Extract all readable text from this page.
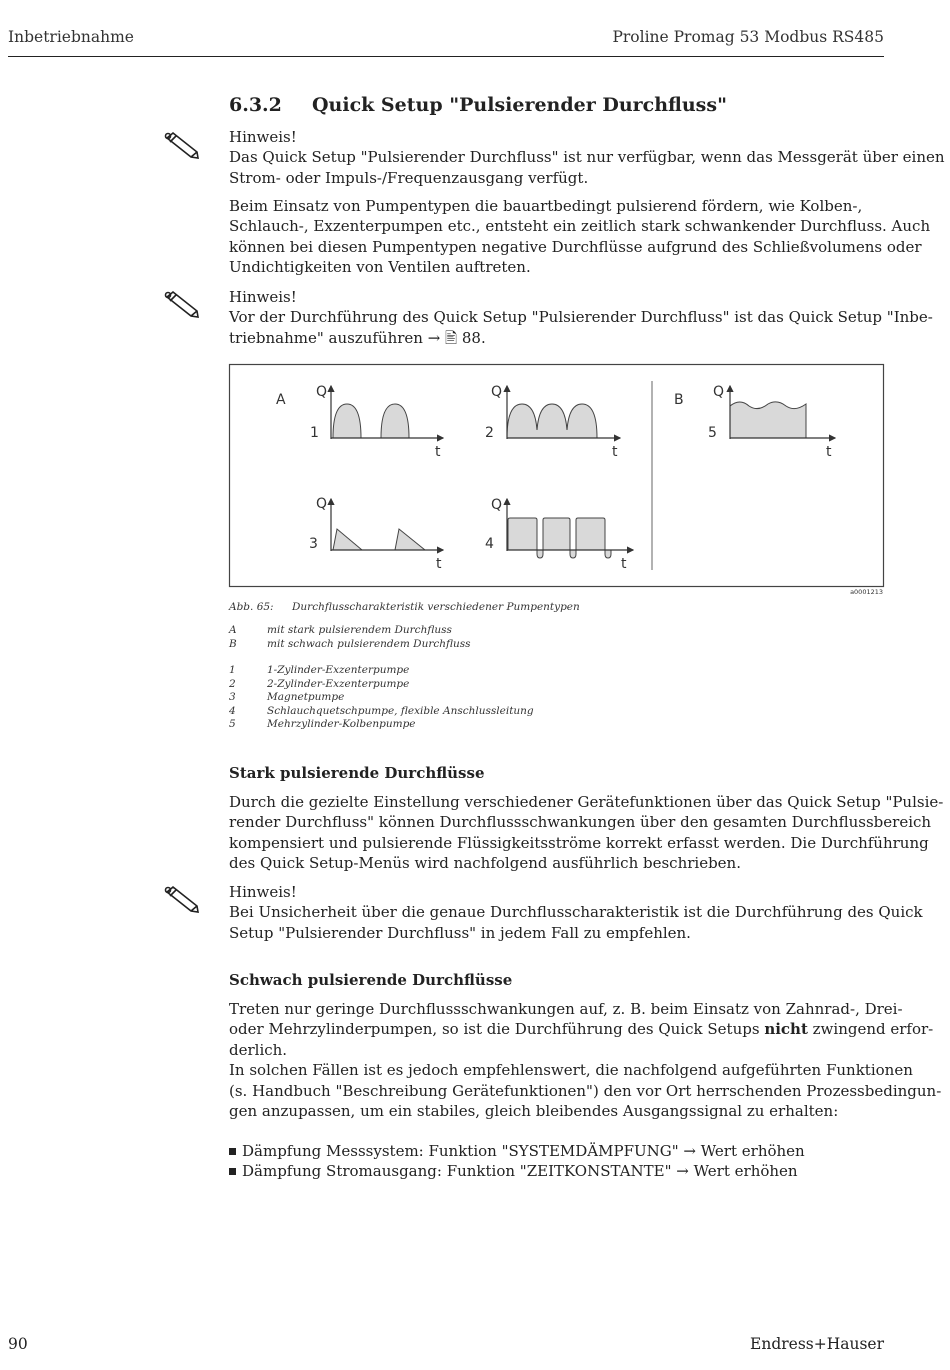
Inbetriebnahme	Proline Promag 53 Modbus RS485
6.3.2 Quick Setup "Pulsierender Durchfluss"
Hinweis!
Das Quick Setup "Pulsierender Durchfluss" ist nur verfügbar, wenn das Messgerät über einen
Strom- oder Impuls-/Frequenzausgang verfügt.
Beim Einsatz von Pumpentypen die bauartbedingt pulsierend fördern, wie Kolben-,
Schlauch-, Exzenterpumpen etc., entsteht ein zeitlich stark schwankender Durchfluss. Auch
können bei diesen Pumpentypen negative Durchflüsse aufgrund des Schließvolumens oder
Undichtigkeiten von Ventilen auftreten.
Hinweis!
Vor der Durchführung des Quick Setup "Pulsierender Durchfluss" ist das Quick Setup "Inbe-
triebnahme" auszuführen → 🖹 88.
A	B
Q	Q	Q
Q	Q
t	t	t
t	t
1	2	5
3	4
a0001213
Abb. 65: Durchflusscharakteristik verschiedener Pumpentypen
A	mit stark pulsierendem Durchfluss
B	mit schwach pulsierendem Durchfluss
1	1-Zylinder-Exzenterpumpe
2	2-Zylinder-Exzenterpumpe
3	Magnetpumpe
4	Schlauchquetschpumpe, flexible Anschlussleitung
5	Mehrzylinder-Kolbenpumpe
Stark pulsierende Durchflüsse
Durch die gezielte Einstellung verschiedener Gerätefunktionen über das Quick Setup "Pulsie-
render Durchfluss" können Durchflussschwankungen über den gesamten Durchflussbereich
kompensiert und pulsierende Flüssigkeitsströme korrekt erfasst werden. Die Durchführung
des Quick Setup-Menüs wird nachfolgend ausführlich beschrieben.
Hinweis!
Bei Unsicherheit über die genaue Durchflusscharakteristik ist die Durchführung des Quick
Setup "Pulsierender Durchfluss" in jedem Fall zu empfehlen.
Schwach pulsierende Durchflüsse
Treten nur geringe Durchflussschwankungen auf, z. B. beim Einsatz von Zahnrad-, Drei-
oder Mehrzylinderpumpen, so ist die Durchführung des Quick Setups nicht zwingend erfor-
derlich.
In solchen Fällen ist es jedoch empfehlenswert, die nachfolgend aufgeführten Funktionen
(s. Handbuch "Beschreibung Gerätefunktionen") den vor Ort herrschenden Prozessbedingun-
gen anzupassen, um ein stabiles, gleich bleibendes Ausgangssignal zu erhalten:
Dämpfung Messsystem: Funktion "SYSTEMDÄMPFUNG" → Wert erhöhen
Dämpfung Stromausgang: Funktion "ZEITKONSTANTE" → Wert erhöhen
90	Endress+Hauser
